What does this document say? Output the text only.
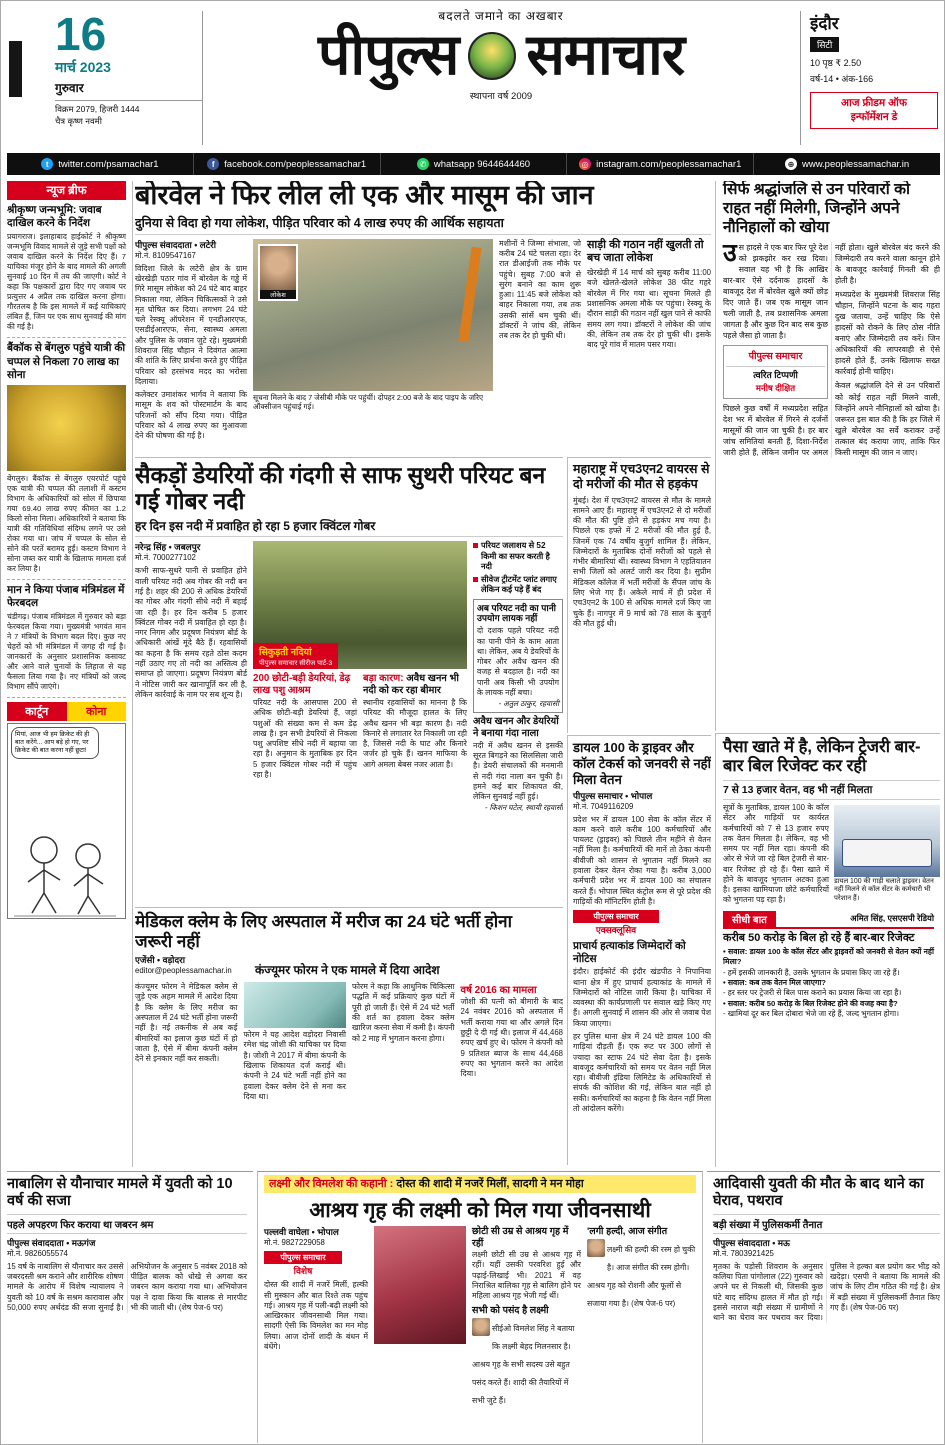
16
मार्च 2023
गुरुवार
विक्रम 2079, हिजरी 1444
चैत्र कृष्ण नवमी
बदलते जमाने का अखबार
पीपुल्स समाचार
स्थापना वर्ष 2009
इंदौर
सिटी
10 पृष्ठ ₹ 2.50
वर्ष-14 • अंक-166
आज फ्रीडम ऑफ
इन्फॉर्मेशन डे
t	twitter.com/psamachar1	f	facebook.com/peoplessamachar1	✆ whatsapp 9644644460	◎ instagram.com/peoplessamachar1	⊕ www.peoplessamachar.in
न्यूज ब्रीफ
श्रीकृष्ण जन्मभूमि: जवाब दाखिल करने के निर्देश
प्रयागराज। इलाहाबाद हाईकोर्ट ने श्रीकृष्ण जन्मभूमि विवाद मामले से जुड़े सभी पक्षों को जवाब दाखिल करने के निर्देश दिए हैं। 7 याचिका मंजूर होने के बाद मामले की अगली सुनवाई 10 दिन में तय की जाएगी। कोर्ट ने कहा कि पक्षकारों द्वारा दिए गए जवाब पर प्रत्युत्तर 4 अप्रैल तक दाखिल करना होगा। गौरतलब है कि इस मामले में कई याचिकाएं लंबित हैं, जिन पर एक साथ सुनवाई की मांग की गई है।
बैंकॉक से बेंगलुरु पहुंचे यात्री की चप्पल से निकला 70 लाख का सोना
बेंगलुरु। बैंकॉक से बेंगलुरु एयरपोर्ट पहुंचे एक यात्री की चप्पल की तलाशी में कस्टम विभाग के अधिकारियों को सोल में छिपाया गया 69.40 लाख रुपए कीमत का 1.2 किलो सोना मिला। अधिकारियों ने बताया कि यात्री की गतिविधियां संदिग्ध लगने पर उसे रोका गया था। जांच में चप्पल के सोल से सोने की परतें बरामद हुईं। कस्टम विभाग ने सोना जब्त कर यात्री के खिलाफ मामला दर्ज कर लिया है।
मान ने किया पंजाब मंत्रिमंडल में फेरबदल
चंडीगढ़। पंजाब मंत्रिमंडल में गुरुवार को बड़ा फेरबदल किया गया। मुख्यमंत्री भगवंत मान ने 7 मंत्रियों के विभाग बदल दिए। कुछ नए चेहरों को भी मंत्रिमंडल में जगह दी गई है। जानकारों के अनुसार प्रशासनिक कसावट और आने वाले चुनावों के लिहाज से यह फैसला लिया गया है। नए मंत्रियों को जल्द विभाग सौंपे जाएंगे।
कार्टून	कोना
मियां, आज भी हम क्रिकेट की ही बात करेंगे... आप बड़े हो गए, पर क्रिकेट की बात करना नहीं छूटा!
बोरवेल ने फिर लील ली एक और मासूम की जान
दुनिया से विदा हो गया लोकेश, पीड़ित परिवार को 4 लाख रुपए की आर्थिक सहायता
पीपुल्स संवाददाता • लटेरी
मो.नं. 8109547167
विदिशा जिले के लटेरी क्षेत्र के ग्राम खेरखेड़ी पठार गांव में बोरवेल के गड्ढे में गिरे मासूम लोकेश को 24 घंटे बाद बाहर निकाला गया, लेकिन चिकित्सकों ने उसे मृत घोषित कर दिया। लगभग 24 घंटे चले रेस्क्यू ऑपरेशन में एनडीआरएफ, एसडीईआरएफ, सेना, स्वास्थ्य अमला और पुलिस के जवान जुटे रहे। मुख्यमंत्री शिवराज सिंह चौहान ने दिवंगत आत्मा की शांति के लिए प्रार्थना करते हुए पीड़ित परिवार को हरसंभव मदद का भरोसा दिलाया।
कलेक्टर उमाशंकर भार्गव ने बताया कि मासूम के शव को पोस्टमार्टम के बाद परिजनों को सौंप दिया गया। पीड़ित परिवार को 4 लाख रुपए का मुआवजा देने की घोषणा की गई है।
लोकेश
सूचना मिलने के बाद 7 जेसीबी मौके पर पहुंचीं। दोपहर 2:00 बजे के बाद पाइप के जरिए ऑक्सीजन पहुंचाई गई।
मशीनों ने जिम्मा संभाला, जो करीब 24 घंटे चलता रहा। देर रात डीआईजी तक मौके पर पहुंचे। सुबह 7:00 बजे से सुरंग बनाने का काम शुरू हुआ। 11:45 बजे लोकेश को बाहर निकाला गया, तब तक उसकी सांसें थम चुकी थीं। डॉक्टरों ने जांच की, लेकिन तब तक देर हो चुकी थी।
साड़ी की गठान नहीं खुलती तो बच जाता लोकेश
खेरखेड़ी में 14 मार्च को सुबह करीब 11:00 बजे खेलते-खेलते लोकेश 38 फीट गहरे बोरवेल में गिर गया था। सूचना मिलते ही प्रशासनिक अमला मौके पर पहुंचा। रेस्क्यू के दौरान साड़ी की गठान नहीं खुल पाने से काफी समय लग गया। डॉक्टरों ने लोकेश की जांच की, लेकिन तब तक देर हो चुकी थी। इसके बाद पूरे गांव में मातम पसर गया।
सैकड़ों डेयरियों की गंदगी से साफ सुथरी परियट बन गई गोबर नदी
हर दिन इस नदी में प्रवाहित हो रहा 5 हजार क्विंटल गोबर
नरेन्द्र सिंह • जबलपुर
मो.नं. 7000277102
कभी साफ-सुथरे पानी से प्रवाहित होने वाली परियट नदी अब गोबर की नदी बन गई है। शहर की 200 से अधिक डेयरियों का गोबर और गंदगी सीधे नदी में बहाई जा रही है। हर दिन करीब 5 हजार क्विंटल गोबर नदी में प्रवाहित हो रहा है। नगर निगम और प्रदूषण नियंत्रण बोर्ड के अधिकारी आंखें मूंदे बैठे हैं। रहवासियों का कहना है कि समय रहते ठोस कदम नहीं उठाए गए तो नदी का अस्तित्व ही समाप्त हो जाएगा। प्रदूषण नियंत्रण बोर्ड ने नोटिस जारी कर खानापूर्ति कर ली है, लेकिन कार्रवाई के नाम पर सब शून्य है।
सिकुड़ती नदियां
पीपुल्स समाचार सीरीज पार्ट-3
200 छोटी-बड़ी डेयरियां, डेढ़ लाख पशु आश्रम
परियट नदी के आसपास 200 से अधिक छोटी-बड़ी डेयरियां हैं, जहां पशुओं की संख्या कम से कम डेढ़ लाख है। इन सभी डेयरियों से निकला पशु अपशिष्ट सीधे नदी में बहाया जा रहा है। अनुमान के मुताबिक हर दिन 5 हजार क्विंटल गोबर नदी में पहुंच रहा है।
बड़ा कारण: अवैध खनन भी नदी को कर रहा बीमार
स्थानीय रहवासियों का मानना है कि परियट की मौजूदा हालत के लिए अवैध खनन भी बड़ा कारण है। नदी किनारे से लगातार रेत निकाली जा रही है, जिससे नदी के घाट और किनारे जर्जर हो चुके हैं। खनन माफिया के आगे अमला बेबस नजर आता है।
परियट जलाशय से 52 किमी का सफर करती है नदी
सीवेज ट्रीटमेंट प्लांट लगाए लेकिन कई पड़े हैं बंद
अब परियट नदी का पानी उपयोग लायक नहीं
दो दशक पहले परियट नदी का पानी पीने के काम आता था। लेकिन, अब ये डेयरियों के गोबर और अवैध खनन की वजह से बदहाल है। नदी का पानी अब किसी भी उपयोग के लायक नहीं बचा।
- अतुल ठाकुर, रहवासी
अवैध खनन और डेयरियों ने बनाया गंदा नाला
नदी में अवैध खनन से इसकी सूरत बिगड़ने का सिलसिला जारी है। डेयरी संचालकों की मनमानी से नदी गंदा नाला बन चुकी है। हमने कई बार शिकायत की, लेकिन सुनवाई नहीं हुई।
- किशन घटेल, स्थायी रहवासी
महाराष्ट्र में एच3एन2 वायरस से दो मरीजों की मौत से हड़कंप
मुंबई। देश में एच3एन2 वायरस से मौत के मामले सामने आए हैं। महाराष्ट्र में एच3एन2 से दो मरीजों की मौत की पुष्टि होने से हड़कंप मच गया है। पिछले एक हफ्ते में 2 मरीजों की मौत हुई है, जिनमें एक 74 वर्षीय बुजुर्ग शामिल हैं। लेकिन, जिम्मेदारों के मुताबिक दोनों मरीजों को पहले से गंभीर बीमारियां थीं। स्वास्थ्य विभाग ने एहतियातन सभी जिलों को अलर्ट जारी कर दिया है। सुप्रीम मेडिकल कॉलेज में भर्ती मरीजों के सैंपल जांच के लिए भेजे गए हैं। अकेले मार्च में ही प्रदेश में एच3एन2 के 100 से अधिक मामले दर्ज किए जा चुके हैं। नागपुर में 9 मार्च को 78 साल के बुजुर्ग की मौत हुई थी।
डायल 100 के ड्राइवर और कॉल टेकर्स को जनवरी से नहीं मिला वेतन
पीपुल्स समाचार • भोपाल
मो.नं. 7049116209
प्रदेश भर में डायल 100 सेवा के कॉल सेंटर में काम करने वाले करीब 100 कर्मचारियों और पायलट (ड्राइवर) को पिछले तीन महीने से वेतन नहीं मिला है। कर्मचारियों की मानें तो ठेका कंपनी बीवीजी को शासन से भुगतान नहीं मिलने का हवाला देकर वेतन रोका गया है। करीब 3,000 कर्मचारी प्रदेश भर में डायल 100 का संचालन करते हैं। भोपाल स्थित कंट्रोल रूम से पूरे प्रदेश की गाड़ियों की मॉनिटरिंग होती है।
पीपुल्स समाचार
एक्सक्लूसिव
प्राचार्य हत्याकांड जिम्मेदारों को नोटिस
इंदौर। हाईकोर्ट की इंदौर खंडपीठ ने निपानिया थाना क्षेत्र में हुए प्राचार्य हत्याकांड के मामले में जिम्मेदारों को नोटिस जारी किया है। याचिका में व्यवस्था की कार्यप्रणाली पर सवाल खड़े किए गए हैं। अगली सुनवाई में शासन की ओर से जवाब पेश किया जाएगा।
हर पुलिस थाना क्षेत्र में 24 घंटे डायल 100 की गाड़ियां दौड़ती हैं। एक रूट पर 300 लोगों से ज्यादा का स्टाफ 24 घंटे सेवा देता है। इसके बावजूद कर्मचारियों को समय पर वेतन नहीं मिल रहा। बीवीजी इंडिया लिमिटेड के अधिकारियों से संपर्क की कोशिश की गई, लेकिन बात नहीं हो सकी। कर्मचारियों का कहना है कि वेतन नहीं मिला तो आंदोलन करेंगे।
सिर्फ श्रद्धांजलि से उन परिवारों को राहत नहीं मिलेगी, जिन्होंने अपने नौनिहालों को खोया
उस हादसे ने एक बार फिर पूरे देश को झकझोर कर रख दिया। सवाल यह भी है कि आखिर बार-बार ऐसे दर्दनाक हादसों के बावजूद देश में बोरवेल खुले क्यों छोड़ दिए जाते हैं। जब एक मासूम जान चली जाती है, तब प्रशासनिक अमला जागता है और कुछ दिन बाद सब कुछ पहले जैसा हो जाता है।
पीपुल्स समाचार
त्वरित टिप्पणी
मनीष दीक्षित
पिछले कुछ वर्षों में मध्यप्रदेश सहित देश भर में बोरवेल में गिरने से दर्जनों मासूमों की जान जा चुकी है। हर बार जांच समितियां बनती हैं, दिशा-निर्देश जारी होते हैं, लेकिन जमीन पर अमल नहीं होता। खुले बोरवेल बंद करने की जिम्मेदारी तय करने वाला कानून होने के बावजूद कार्रवाई गिनती की ही होती है।
मध्यप्रदेश के मुख्यमंत्री शिवराज सिंह चौहान, जिन्होंने घटना के बाद गहरा दुख जताया, उन्हें चाहिए कि ऐसे हादसों को रोकने के लिए ठोस नीति बनाएं और जिम्मेदारी तय करें। जिन अधिकारियों की लापरवाही से ऐसे हादसे होते हैं, उनके खिलाफ सख्त कार्रवाई होनी चाहिए।
केवल श्रद्धांजलि देने से उन परिवारों को कोई राहत नहीं मिलने वाली, जिन्होंने अपने नौनिहालों को खोया है। जरूरत इस बात की है कि हर जिले में खुले बोरवेल का सर्वे कराकर उन्हें तत्काल बंद कराया जाए, ताकि फिर किसी मासूम की जान न जाए।
पैसा खाते में है, लेकिन ट्रेजरी बार-बार बिल रिजेक्ट कर रही
7 से 13 हजार वेतन, वह भी नहीं मिलता
डायल 100 की गाड़ी चलाते ड्राइवर। वेतन नहीं मिलने से कॉल सेंटर के कर्मचारी भी परेशान हैं।
सूत्रों के मुताबिक, डायल 100 के कॉल सेंटर और गाड़ियों पर कार्यरत कर्मचारियों को 7 से 13 हजार रुपए तक वेतन मिलता है। लेकिन, वह भी समय पर नहीं मिल रहा। कंपनी की ओर से भेजे जा रहे बिल ट्रेजरी से बार-बार रिजेक्ट हो रहे हैं। पैसा खाते में होने के बावजूद भुगतान अटका हुआ है। इसका खामियाजा छोटे कर्मचारियों को भुगतना पड़ रहा है।
सीधी बात	अमित सिंह, एसएसपी रेडियो
करीब 50 करोड़ के बिल हो रहे हैं बार-बार रिजेक्ट
• सवाल: डायल 100 के कॉल सेंटर और ड्राइवरों को जनवरी से वेतन क्यों नहीं मिला?
- हमें इसकी जानकारी है, उसके भुगतान के प्रयास किए जा रहे हैं।
• सवाल: कब तक वेतन मिल जाएगा?
- हर स्तर पर ट्रेजरी से बिल पास कराने का प्रयास किया जा रहा है।
• सवाल: करीब 50 करोड़ के बिल रिजेक्ट होने की वजह क्या है?
- खामियां दूर कर बिल दोबारा भेजे जा रहे हैं, जल्द भुगतान होगा।
मेडिकल क्लेम के लिए अस्पताल में मरीज का 24 घंटे भर्ती होना जरूरी नहीं
एजेंसी • वड़ोदरा
editor@peoplessamachar.in	कंज्यूमर फोरम ने एक मामले में दिया आदेश
कंज्यूमर फोरम ने मेडिकल क्लेम से जुड़े एक अहम मामले में आदेश दिया है कि क्लेम के लिए मरीज का अस्पताल में 24 घंटे भर्ती होना जरूरी नहीं है। नई तकनीक से अब कई बीमारियों का इलाज कुछ घंटों में हो जाता है, ऐसे में बीमा कंपनी क्लेम देने से इनकार नहीं कर सकती।
फोरम ने यह आदेश वड़ोदरा निवासी रमेश चंद्र जोशी की याचिका पर दिया है। जोशी ने 2017 में बीमा कंपनी के खिलाफ शिकायत दर्ज कराई थी। कंपनी ने 24 घंटे भर्ती नहीं होने का हवाला देकर क्लेम देने से मना कर दिया था।
फोरम ने कहा कि आधुनिक चिकित्सा पद्धति में कई प्रक्रियाएं कुछ घंटों में पूरी हो जाती हैं। ऐसे में 24 घंटे भर्ती की शर्त का हवाला देकर क्लेम खारिज करना सेवा में कमी है। कंपनी को 2 माह में भुगतान करना होगा।
वर्ष 2016 का मामला
जोशी की पत्नी को बीमारी के बाद 24 नवंबर 2016 को अस्पताल में भर्ती कराया गया था और अगले दिन छुट्टी दे दी गई थी। इलाज में 44,468 रुपए खर्च हुए थे। फोरम ने कंपनी को 9 प्रतिशत ब्याज के साथ 44,468 रुपए का भुगतान करने का आदेश दिया।
नाबालिग से यौनाचार मामले में युवती को 10 वर्ष की सजा
पहले अपहरण फिर कराया था जबरन श्रम
पीपुल्स संवाददाता • मऊगंज
मो.नं. 9826055574
15 वर्ष के नाबालिग से यौनाचार कर उससे जबरदस्ती श्रम कराने और शारीरिक शोषण मामले के आरोप में विशेष न्यायालय ने युवती को 10 वर्ष के सश्रम कारावास और 50,000 रुपए अर्थदंड की सजा सुनाई है। अभियोजन के अनुसार 5 नवंबर 2018 को पीड़ित बालक को धोखे से अगवा कर जबरन काम कराया गया था। अभियोजन पक्ष ने दावा किया कि बालक से मारपीट भी की जाती थी। (शेष पेज-6 पर)
लक्ष्मी और विमलेश की कहानी : दोस्त की शादी में नजरें मिलीं, सादगी ने मन मोहा
आश्रय गृह की लक्ष्मी को मिल गया जीवनसाथी
पल्लवी वाघेला • भोपाल
मो.नं. 9827229058
पीपुल्स समाचार
विशेष
दोस्त की शादी में नजरें मिलीं, हल्की सी मुस्कान और बात रिश्ते तक पहुंच गई। आश्रय गृह में पली-बढ़ी लक्ष्मी को आखिरकार जीवनसाथी मिल गया। सादगी ऐसी कि विमलेश का मन मोह लिया। आज दोनों शादी के बंधन में बंधेंगे।
छोटी सी उम्र से आश्रय गृह में रहीं
लक्ष्मी छोटी सी उम्र से आश्रय गृह में रहीं। यहीं उसकी परवरिश हुई और पढ़ाई-लिखाई भी। 2021 में वह निराश्रित बालिका गृह से बालिग होने पर महिला आश्रय गृह भेजी गई थीं।
सभी को पसंद है लक्ष्मी
सीईओ विमलेश सिंह ने बताया कि लक्ष्मी बेहद मिलनसार है। आश्रय गृह के सभी सदस्य उसे बहुत पसंद करते हैं। शादी की तैयारियों में सभी जुटे हैं।
'लगी हल्दी, आज संगीत
लक्ष्मी की हल्दी की रस्म हो चुकी है। आज संगीत की रस्म होगी। आश्रय गृह को रोशनी और फूलों से सजाया गया है। (शेष पेज-6 पर)
आदिवासी युवती की मौत के बाद थाने का घेराव, पथराव
बड़ी संख्या में पुलिसकर्मी तैनात
पीपुल्स संवाददाता • मऊ
मो.नं. 7803921425
मृतका के पड़ोसी शिवराम के अनुसार कलिया पिता पांगोलाल (22) गुरुवार को अपने घर से निकली थी, जिसकी कुछ घंटे बाद संदिग्ध हालत में मौत हो गई। इससे नाराज बड़ी संख्या में ग्रामीणों ने थाने का घेराव कर पथराव कर दिया। पुलिस ने हल्का बल प्रयोग कर भीड़ को खदेड़ा। एसपी ने बताया कि मामले की जांच के लिए टीम गठित की गई है। क्षेत्र में बड़ी संख्या में पुलिसकर्मी तैनात किए गए हैं। (शेष पेज-06 पर)
